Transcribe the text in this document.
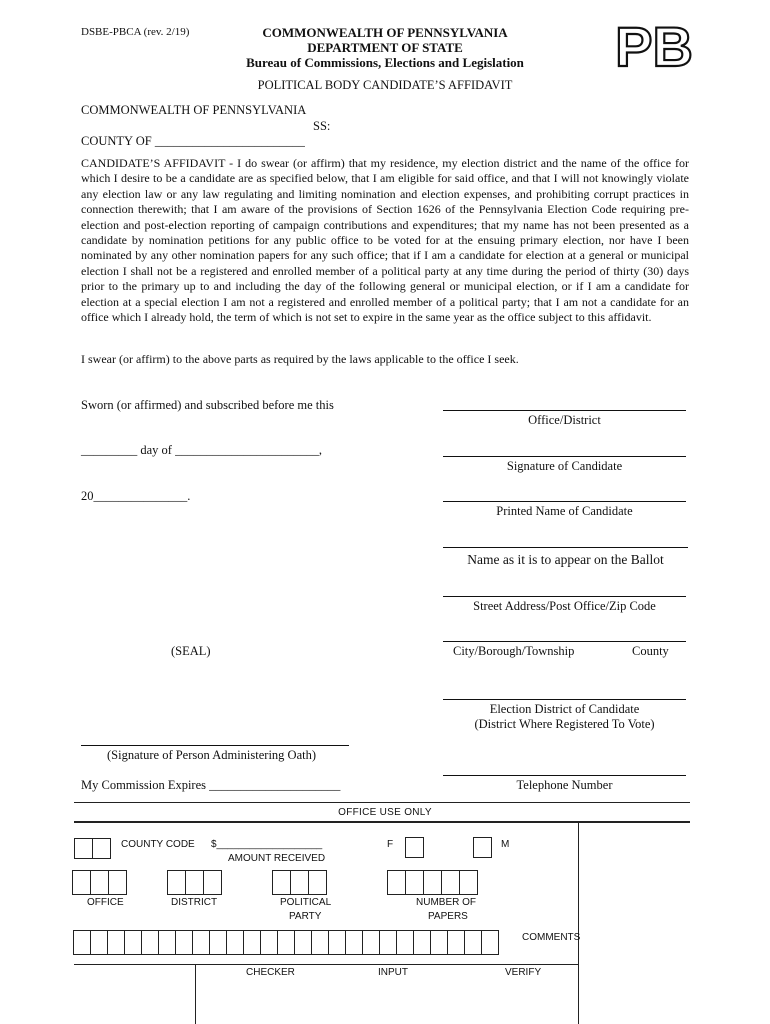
DSBE-PBCA (rev. 2/19)	COMMONWEALTH OF PENNSYLVANIA
DEPARTMENT OF STATE
Bureau of Commissions, Elections and Legislation	PB
POLITICAL BODY CANDIDATE’S AFFIDAVIT
COMMONWEALTH OF PENNSYLVANIA
SS:
COUNTY OF ________________________
CANDIDATE’S AFFIDAVIT - I do swear (or affirm) that my residence, my election district and the name of the office for which I desire to be a candidate are as specified below, that I am eligible for said office, and that I will not knowingly violate any election law or any law regulating and limiting nomination and election expenses, and prohibiting corrupt practices in connection therewith; that I am aware of the provisions of Section 1626 of the Pennsylvania Election Code requiring pre-election and post-election reporting of campaign contributions and expenditures; that my name has not been presented as a candidate by nomination petitions for any public office to be voted for at the ensuing primary election, nor have I been nominated by any other nomination papers for any such office; that if I am a candidate for election at a general or municipal election I shall not be a registered and enrolled member of a political party at any time during the period of thirty (30) days prior to the primary up to and including the day of the following general or municipal election, or if I am a candidate for election at a special election I am not a registered and enrolled member of a political party; that I am not a candidate for an office which I already hold, the term of which is not set to expire in the same year as the office subject to this affidavit.
I swear (or affirm) to the above parts as required by the laws applicable to the office I seek.
Sworn (or affirmed) and subscribed before me this
_________ day of _______________________,
20_______________.
(SEAL)
(Signature of Person Administering Oath)
My Commission Expires _____________________
Office/District
Signature of Candidate
Printed Name of Candidate
Name as it is to appear on the Ballot
Street Address/Post Office/Zip Code
City/Borough/Township	County
Election District of Candidate
(District Where Registered To Vote)
Telephone Number
OFFICE USE ONLY
COUNTY CODE $___________________
AMOUNT RECEIVED
F	M
OFFICE	DISTRICT	POLITICAL
PARTY
NUMBER OF
PAPERS
COMMENTS
CHECKER	INPUT	VERIFY
